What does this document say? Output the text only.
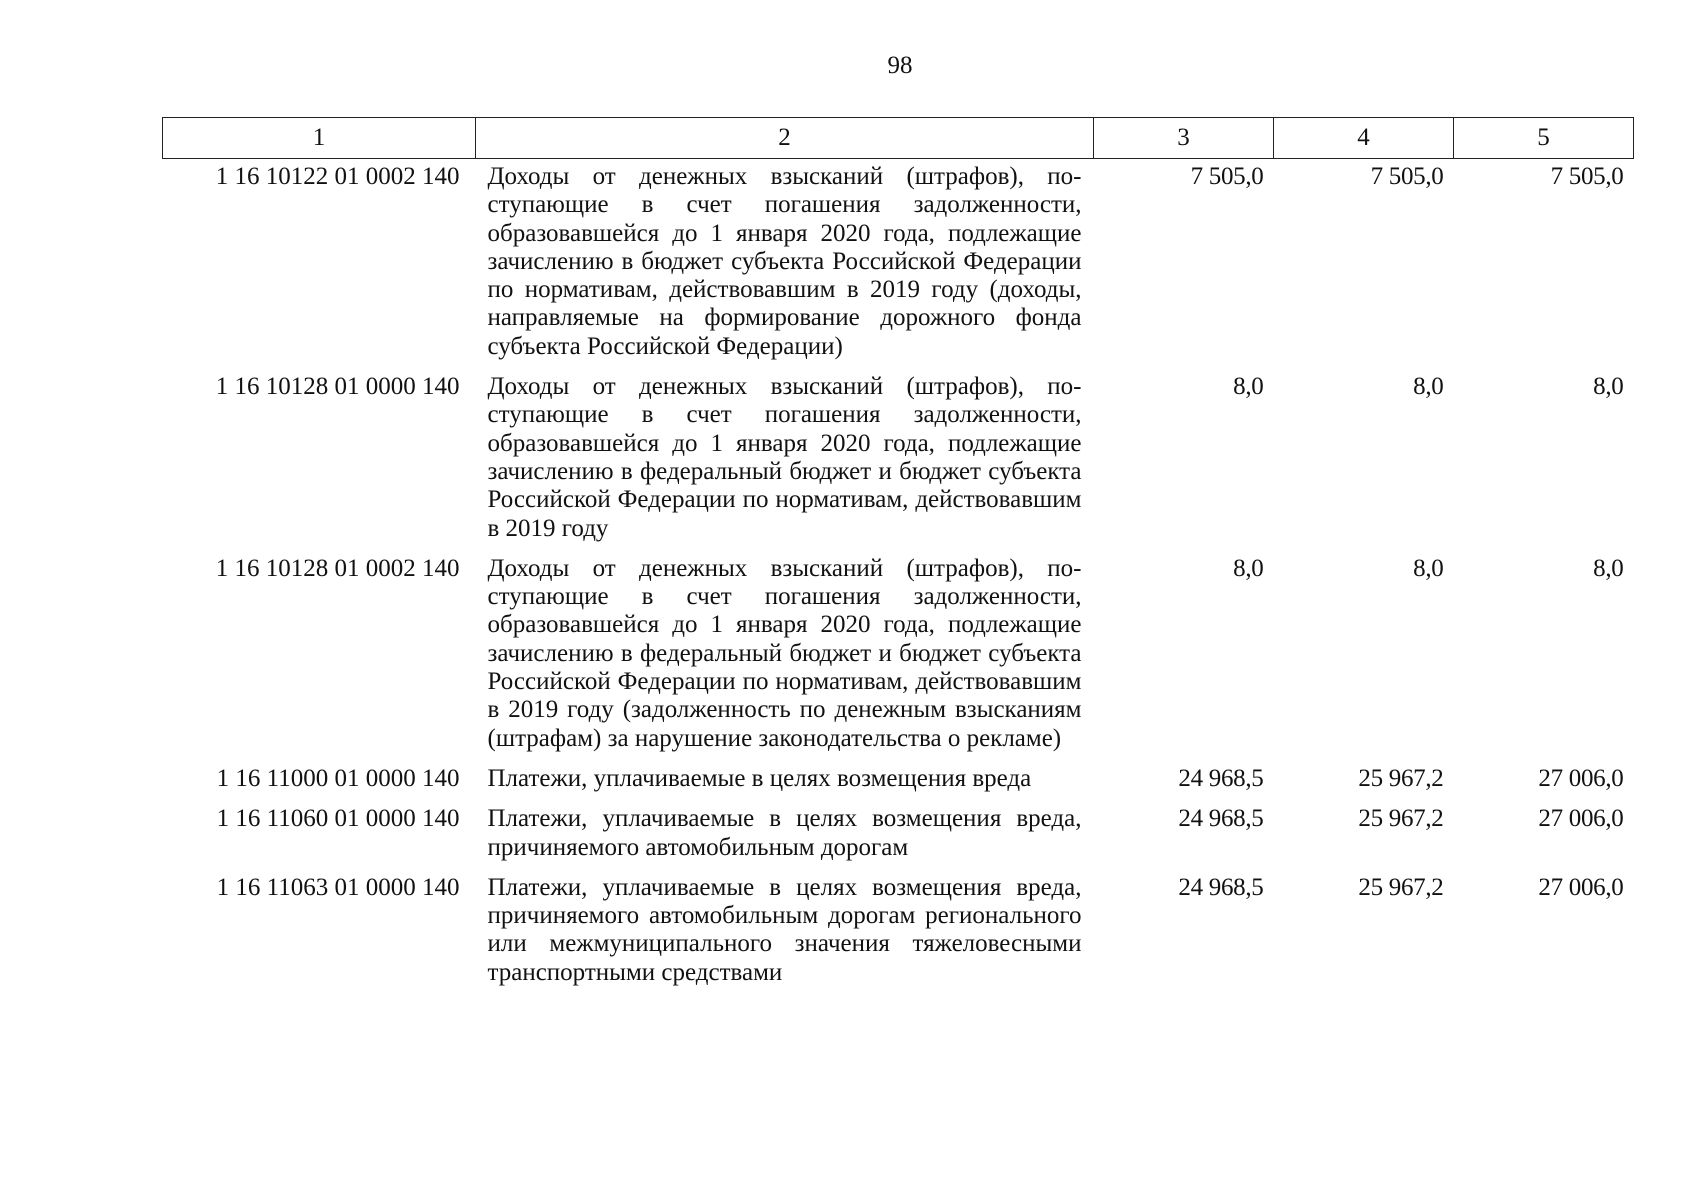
98
1	2	3	4	5
1 16 10122 01 0002 140	Доходы от денежных взысканий (штрафов), поступающие в счет погашения задолженности, образовавшейся до 1 января 2020 года, подлежащие зачислению в бюджет субъекта Российской Федерации по нормативам, действовавшим в 2019 году (доходы, направляемые на формирование дорожного фонда субъекта Российской Федерации)	7 505,0	7 505,0	7 505,0
1 16 10128 01 0000 140	Доходы от денежных взысканий (штрафов), поступающие в счет погашения задолженности, образовавшейся до 1 января 2020 года, подлежащие зачислению в федеральный бюджет и бюджет субъекта Российской Федерации по нормативам, действовавшим в 2019 году	8,0	8,0	8,0
1 16 10128 01 0002 140	Доходы от денежных взысканий (штрафов), поступающие в счет погашения задолженности, образовавшейся до 1 января 2020 года, подлежащие зачислению в федеральный бюджет и бюджет субъекта Российской Федерации по нормативам, действовавшим в 2019 году (задолженность по денежным взысканиям (штрафам) за нарушение законодательства о рекламе)	8,0	8,0	8,0
1 16 11000 01 0000 140	Платежи, уплачиваемые в целях возмещения вреда	24 968,5	25 967,2	27 006,0
1 16 11060 01 0000 140	Платежи, уплачиваемые в целях возмещения вреда, причиняемого автомобильным дорогам	24 968,5	25 967,2	27 006,0
1 16 11063 01 0000 140	Платежи, уплачиваемые в целях возмещения вреда, причиняемого автомобильным дорогам регионального или межмуниципального значения тяжеловесными транспортными средствами	24 968,5	25 967,2	27 006,0
